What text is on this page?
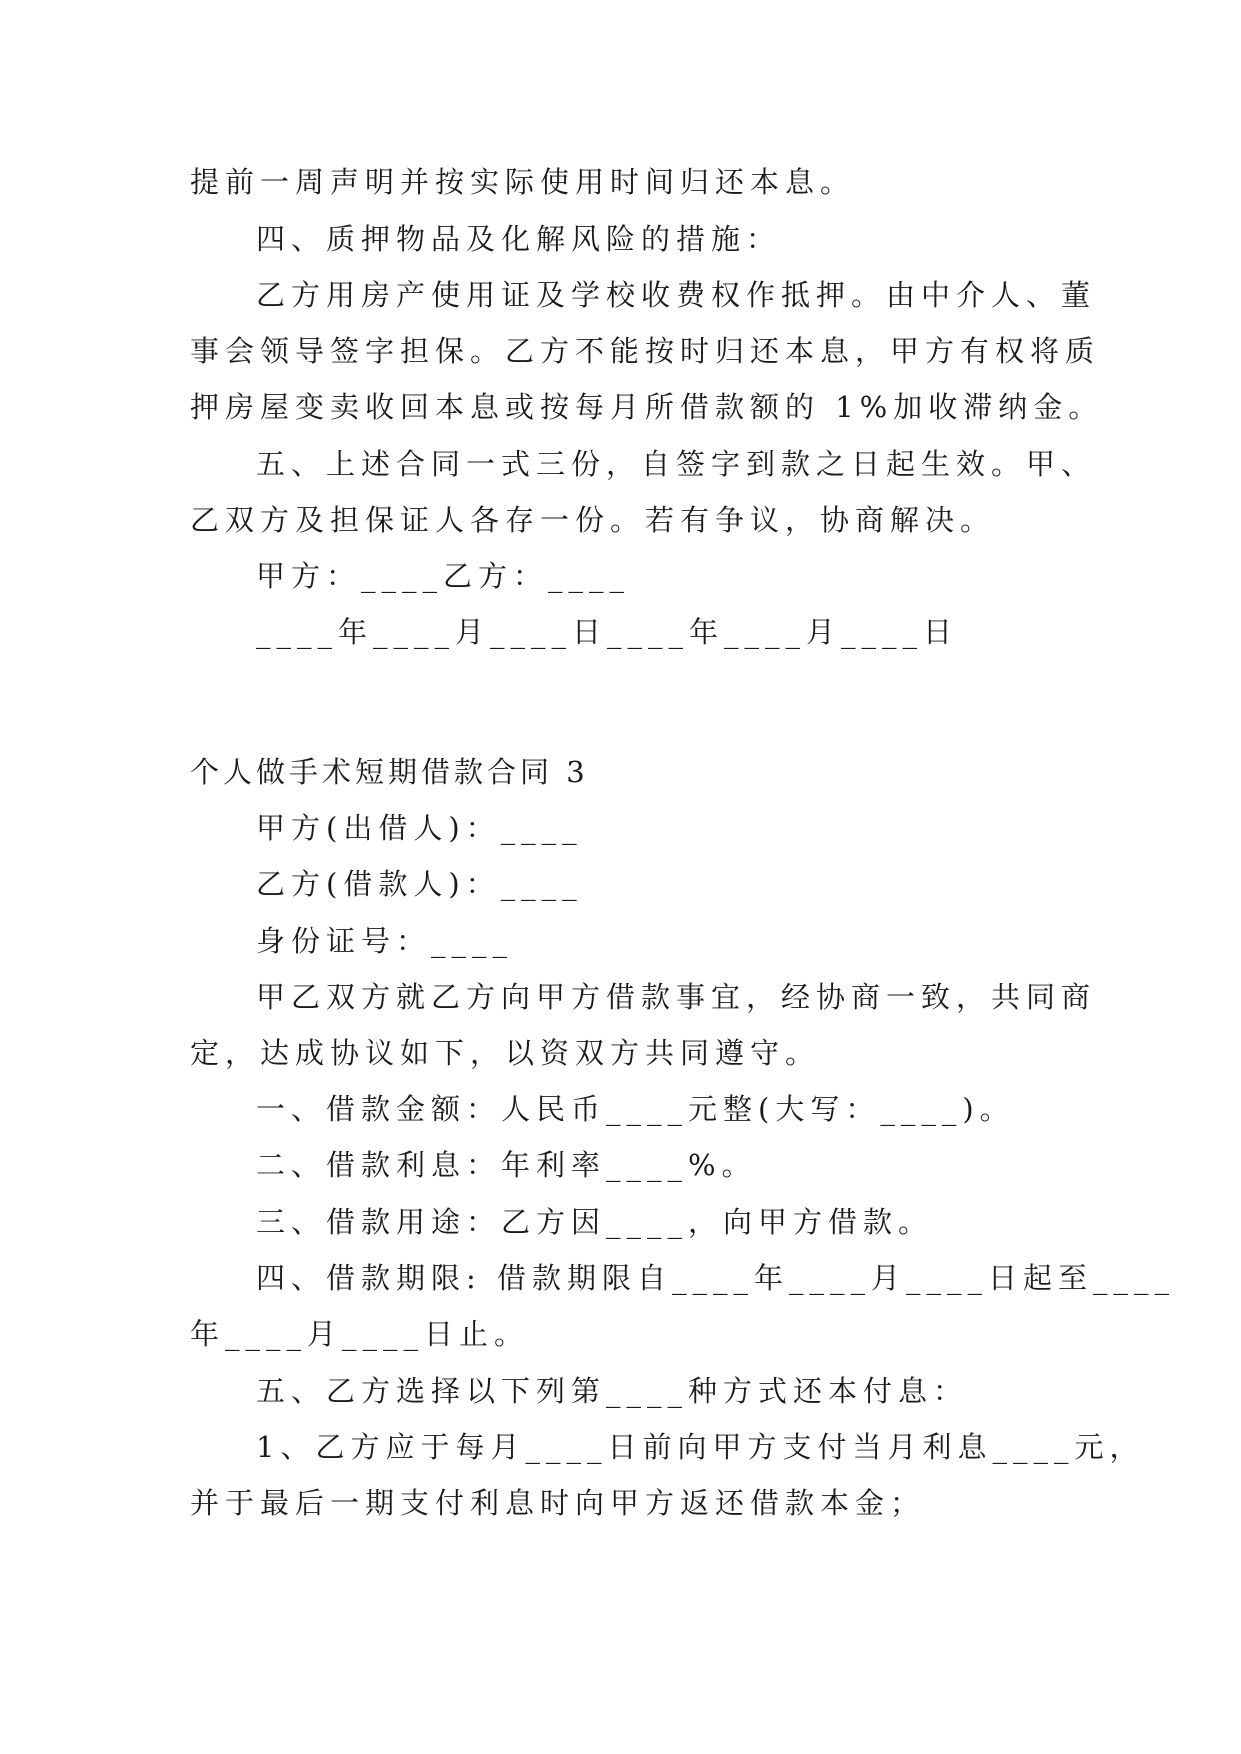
提前一周声明并按实际使用时间归还本息。
四、质押物品及化解风险的措施：
乙方用房产使用证及学校收费权作抵押。由中介人、董
事会领导签字担保。乙方不能按时归还本息，甲方有权将质
押房屋变卖收回本息或按每月所借款额的 1%加收滞纳金。
五、上述合同一式三份，自签字到款之日起生效。甲、
乙双方及担保证人各存一份。若有争议，协商解决。
甲方：____乙方：____
____年____月____日____年____月____日
个人做手术短期借款合同 3
甲方(出借人)：____
乙方(借款人)：____
身份证号：____
甲乙双方就乙方向甲方借款事宜，经协商一致，共同商
定，达成协议如下，以资双方共同遵守。
一、借款金额：人民币____元整(大写：____)。
二、借款利息：年利率____%。
三、借款用途：乙方因____，向甲方借款。
四、借款期限: 借款期限自____年____月____日起至____
年____月____日止。
五、乙方选择以下列第____种方式还本付息：
1、乙方应于每月____日前向甲方支付当月利息____元，
并于最后一期支付利息时向甲方返还借款本金；
